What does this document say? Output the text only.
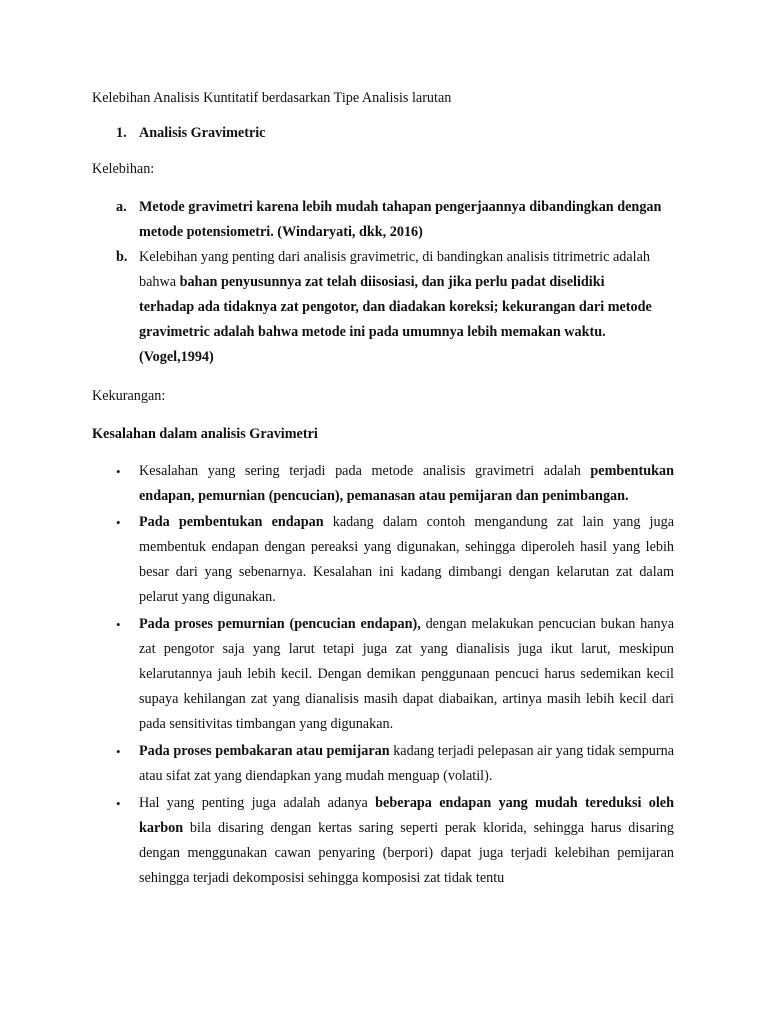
Kelebihan Analisis Kuntitatif berdasarkan Tipe Analisis larutan

1. Analisis Gravimetric

Kelebihan:

a. Metode gravimetri karena lebih mudah tahapan pengerjaannya dibandingkan dengan metode potensiometri. (Windaryati, dkk, 2016)
b. Kelebihan yang penting dari analisis gravimetric, di bandingkan analisis titrimetric adalah bahwa bahan penyusunnya zat telah diisosiasi, dan jika perlu padat diselidiki terhadap ada tidaknya zat pengotor, dan diadakan koreksi; kekurangan dari metode gravimetric adalah bahwa metode ini pada umumnya lebih memakan waktu. (Vogel,1994)

Kekurangan:

Kesalahan dalam analisis Gravimetri

• Kesalahan yang sering terjadi pada metode analisis gravimetri adalah pembentukan endapan, pemurnian (pencucian), pemanasan atau pemijaran dan penimbangan.
• Pada pembentukan endapan kadang dalam contoh mengandung zat lain yang juga membentuk endapan dengan pereaksi yang digunakan, sehingga diperoleh hasil yang lebih besar dari yang sebenarnya. Kesalahan ini kadang dimbangi dengan kelarutan zat dalam pelarut yang digunakan.
• Pada proses pemurnian (pencucian endapan), dengan melakukan pencucian bukan hanya zat pengotor saja yang larut tetapi juga zat yang dianalisis juga ikut larut, meskipun kelarutannya jauh lebih kecil. Dengan demikan penggunaan pencuci harus sedemikan kecil supaya kehilangan zat yang dianalisis masih dapat diabaikan, artinya masih lebih kecil dari pada sensitivitas timbangan yang digunakan.
• Pada proses pembakaran atau pemijaran kadang terjadi pelepasan air yang tidak sempurna atau sifat zat yang diendapkan yang mudah menguap (volatil).
• Hal yang penting juga adalah adanya beberapa endapan yang mudah tereduksi oleh karbon bila disaring dengan kertas saring seperti perak klorida, sehingga harus disaring dengan menggunakan cawan penyaring (berpori) dapat juga terjadi kelebihan pemijaran sehingga terjadi dekomposisi sehingga komposisi zat tidak tentu
